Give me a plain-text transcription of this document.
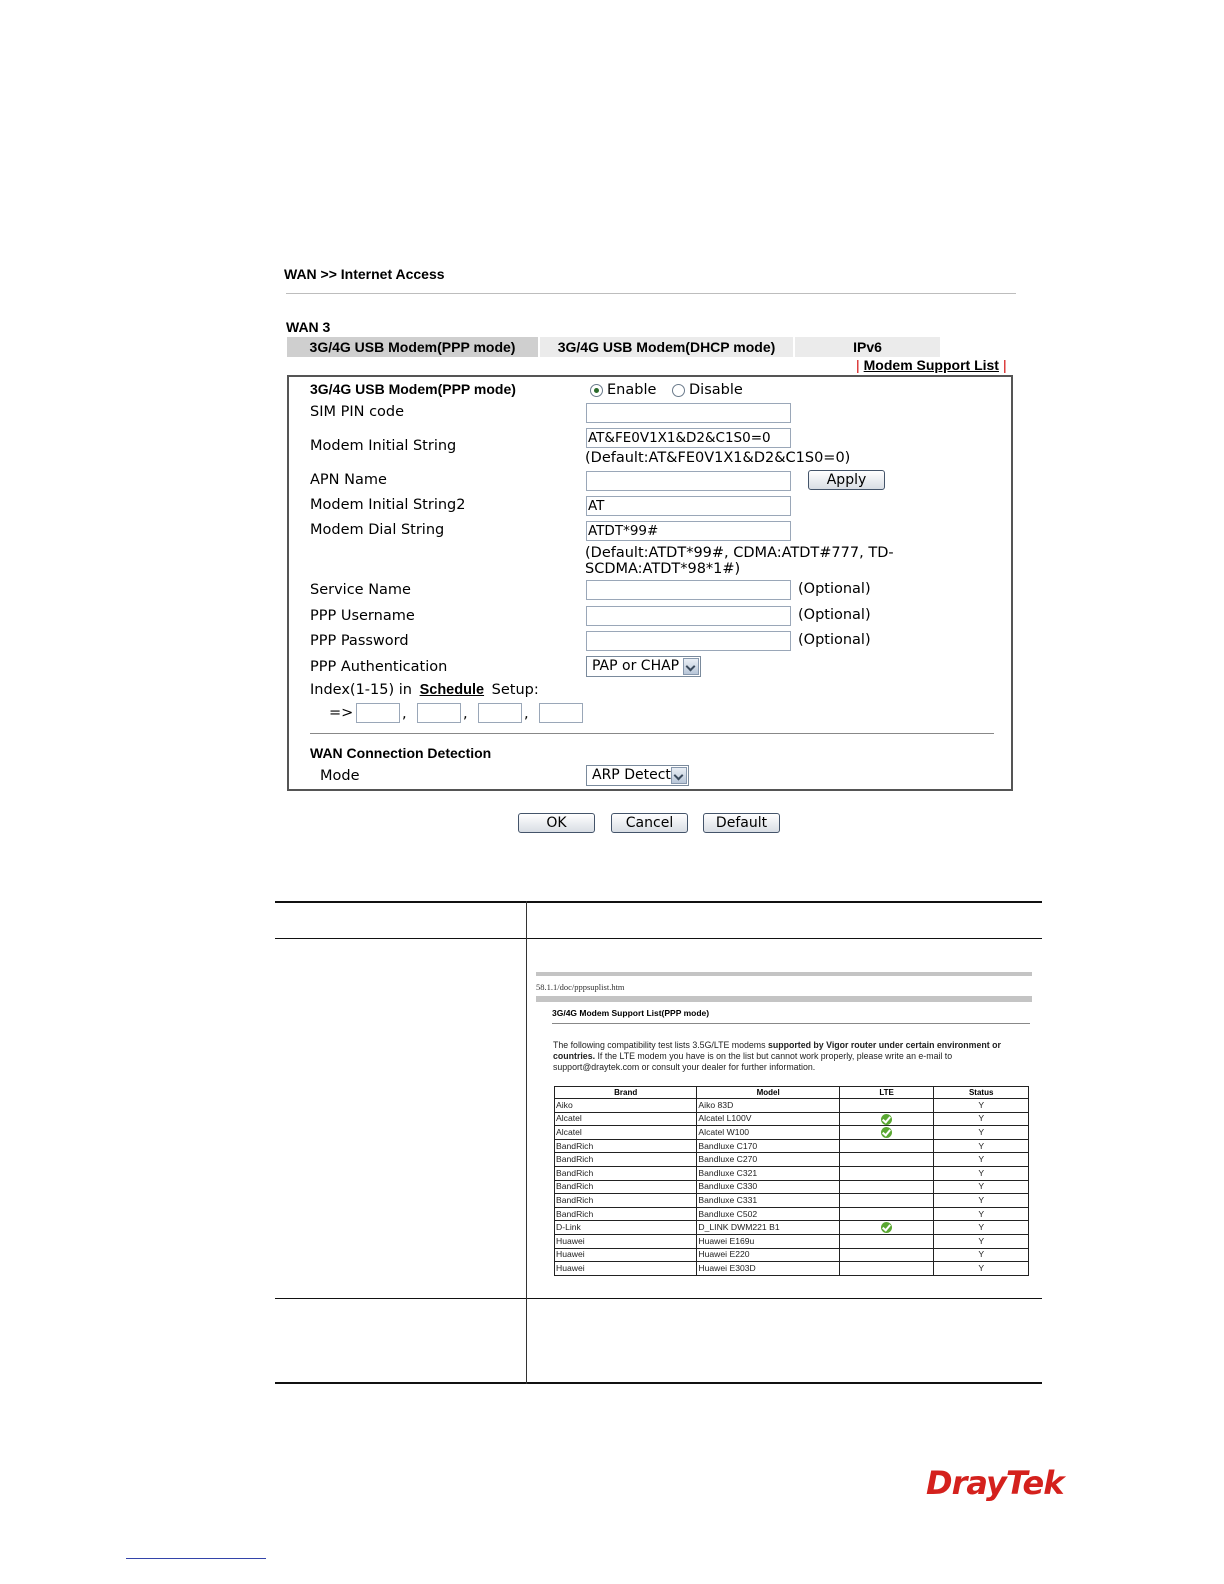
WAN >> Internet Access
WAN 3
3G/4G USB Modem(PPP mode)	3G/4G USB Modem(DHCP mode)	IPv6
| Modem Support List |
3G/4G USB Modem(PPP mode)	Enable Disable
SIM PIN code
Modem Initial String	AT&FE0V1X1&D2&C1S0=0
(Default:AT&FE0V1X1&D2&C1S0=0)
APN Name	Apply
Modem Initial String2	AT
Modem Dial String	ATDT*99#
(Default:ATDT*99#, CDMA:ATDT#777, TD-
SCDMA:ATDT*98*1#)
Service Name	(Optional)
PPP Username	(Optional)
PPP Password	(Optional)
PPP Authentication	PAP or CHAP
Index(1-15) in Schedule Setup:
=>	,	,	,
WAN Connection Detection
Mode	ARP Detect
OK	Cancel	Default
58.1.1/doc/pppsuplist.htm
3G/4G Modem Support List(PPP mode)
The following compatibility test lists 3.5G/LTE modems supported by Vigor router under certain environment or countries. If the LTE modem you have is on the list but cannot work properly, please write an e-mail to support@draytek.com or consult your dealer for further information.
Brand	Model	LTE	Status
Aiko	Aiko 83D		Y
Alcatel	Alcatel L100V		Y
Alcatel	Alcatel W100		Y
BandRich	Bandluxe C170		Y
BandRich	Bandluxe C270		Y
BandRich	Bandluxe C321		Y
BandRich	Bandluxe C330		Y
BandRich	Bandluxe C331		Y
BandRich	Bandluxe C502		Y
D-Link	D_LINK DWM221 B1		Y
Huawei	Huawei E169u		Y
Huawei	Huawei E220		Y
Huawei	Huawei E303D		Y
DrayTek
